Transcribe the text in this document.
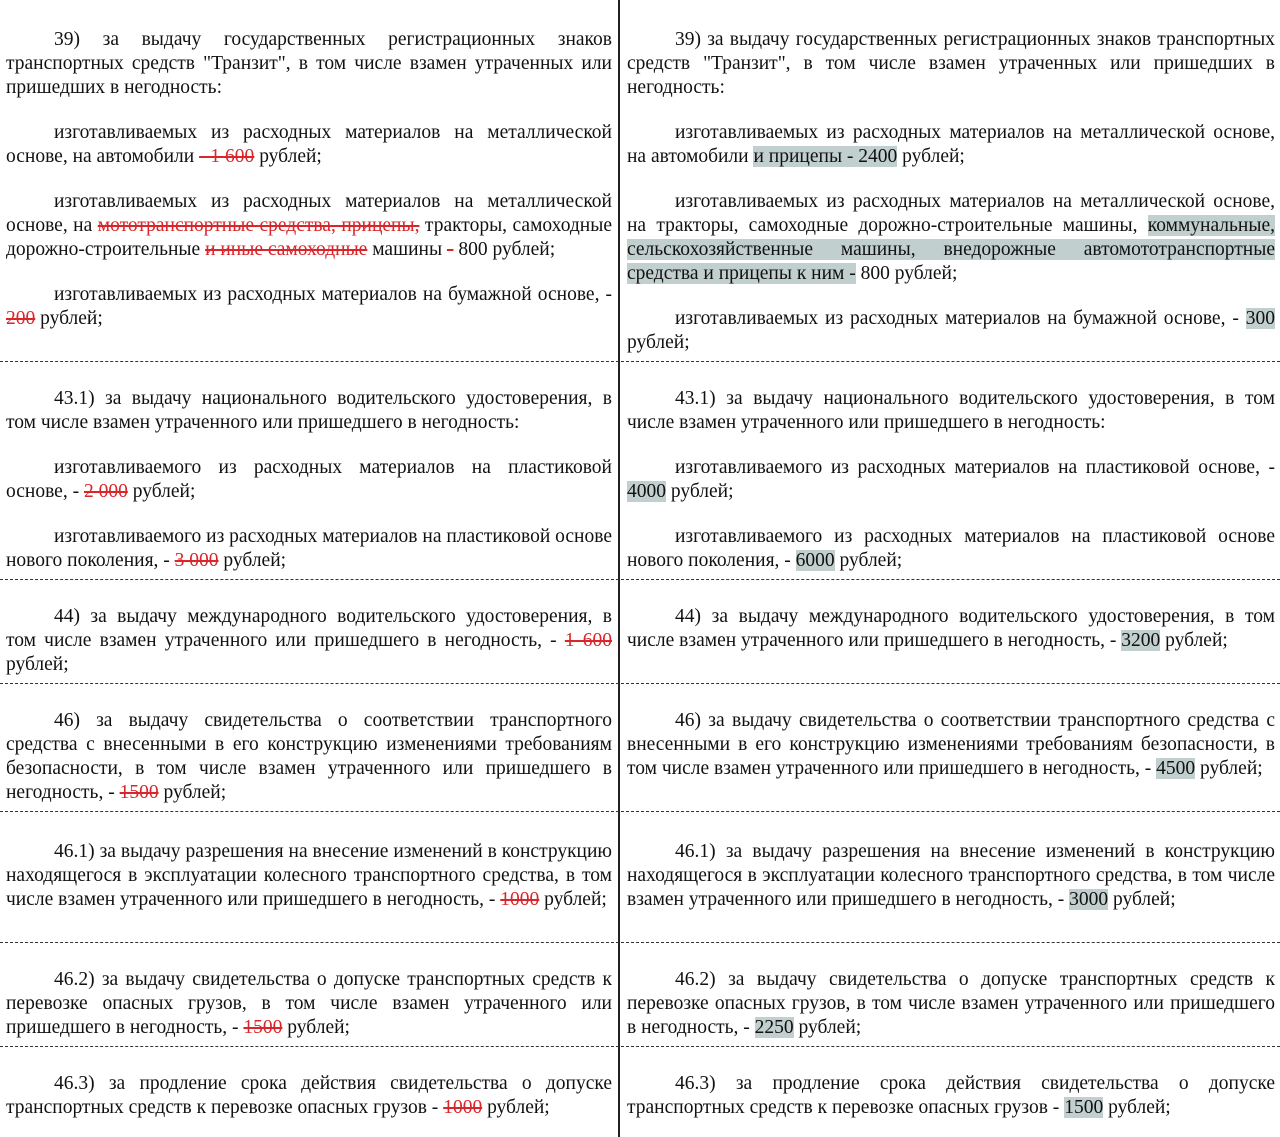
39) за выдачу государственных регистрационных знаков транспортных средств "Транзит", в том числе взамен утраченных или пришедших в негодность:

изготавливаемых из расходных материалов на металлической основе, на автомобили - 1 600 рублей;

изготавливаемых из расходных материалов на металлической основе, на мототранспортные средства, прицепы, тракторы, самоходные дорожно-строительные и иные самоходные машины - 800 рублей;

изготавливаемых из расходных материалов на бумажной основе, - 200 рублей;

39) за выдачу государственных регистрационных знаков транспортных средств "Транзит", в том числе взамен утраченных или пришедших в негодность:

изготавливаемых из расходных материалов на металлической основе, на автомобили и прицепы - 2400 рублей;

изготавливаемых из расходных материалов на металлической основе, на тракторы, самоходные дорожно-строительные машины, коммунальные, сельскохозяйственные машины, внедорожные автомототранспортные средства и прицепы к ним - 800 рублей;

изготавливаемых из расходных материалов на бумажной основе, - 300 рублей;

43.1) за выдачу национального водительского удостоверения, в том числе взамен утраченного или пришедшего в негодность:

изготавливаемого из расходных материалов на пластиковой основе, - 2 000 рублей;

изготавливаемого из расходных материалов на пластиковой основе нового поколения, - 3 000 рублей;

43.1) за выдачу национального водительского удостоверения, в том числе взамен утраченного или пришедшего в негодность:

изготавливаемого из расходных материалов на пластиковой основе, - 4000 рублей;

изготавливаемого из расходных материалов на пластиковой основе нового поколения, - 6000 рублей;

44) за выдачу международного водительского удостоверения, в том числе взамен утраченного или пришедшего в негодность, - 1 600 рублей;

44) за выдачу международного водительского удостоверения, в том числе взамен утраченного или пришедшего в негодность, - 3200 рублей;

46) за выдачу свидетельства о соответствии транспортного средства с внесенными в его конструкцию изменениями требованиям безопасности, в том числе взамен утраченного или пришедшего в негодность, - 1500 рублей;

46) за выдачу свидетельства о соответствии транспортного средства с внесенными в его конструкцию изменениями требованиям безопасности, в том числе взамен утраченного или пришедшего в негодность, - 4500 рублей;

46.1) за выдачу разрешения на внесение изменений в конструкцию находящегося в эксплуатации колесного транспортного средства, в том числе взамен утраченного или пришедшего в негодность, - 1000 рублей;

46.1) за выдачу разрешения на внесение изменений в конструкцию находящегося в эксплуатации колесного транспортного средства, в том числе взамен утраченного или пришедшего в негодность, - 3000 рублей;

46.2) за выдачу свидетельства о допуске транспортных средств к перевозке опасных грузов, в том числе взамен утраченного или пришедшего в негодность, - 1500 рублей;

46.2) за выдачу свидетельства о допуске транспортных средств к перевозке опасных грузов, в том числе взамен утраченного или пришедшего в негодность, - 2250 рублей;

46.3) за продление срока действия свидетельства о допуске транспортных средств к перевозке опасных грузов - 1000 рублей;

46.3) за продление срока действия свидетельства о допуске транспортных средств к перевозке опасных грузов - 1500 рублей;
